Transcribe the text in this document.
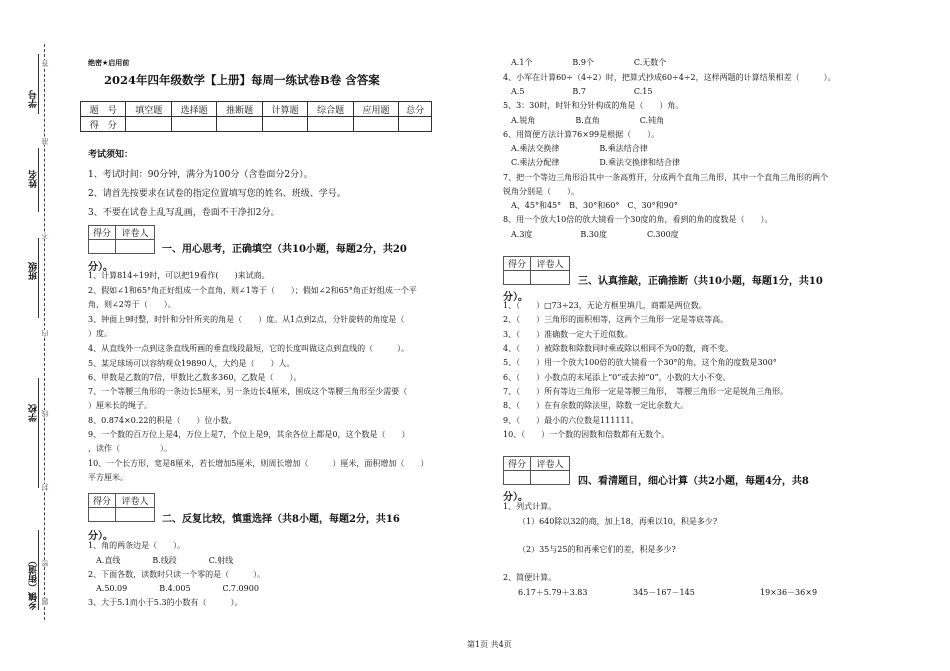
学号
姓名
班级
学校
乡镇（街道）
答
准
不
内
线
封
密
题
绝密★启用前
2024年四年级数学【上册】每周一练试卷B卷 含答案
题　号	填空题	选择题	推断题	计算题	综合题	应用题	总分
得　分							
考试须知：
1、考试时间：90分钟，满分为100分（含卷面分2分）。
2、请首先按要求在试卷的指定位置填写您的姓名、班级、学号。
3、不要在试卷上乱写乱画，卷面不干净扣2分。
得分	评卷人

一、用心思考，正确填空（共10小题，每题2分，共20
分）。
1、计算814÷19时，可以把19看作(　　)来试商。
2、假如∠1和65°角正好组成一个直角，则∠1等于（　　）；假如∠2和65°角正好组成一个平
角，则∠2等于（　　）。
3、钟面上9时整，时针和分针所夹的角是（　　）度。从1点到2点，分针旋转的角度是（
）度。
4、从直线外一点到这条直线所画的垂直线段最短，它的长度叫做这点到直线的（　　　）。
5、某足球场可以容纳观众19890人，大约是（　　）人。
6、甲数是乙数的7倍，甲数比乙数多360，乙数是（　　）。
7、一个等腰三角形的一条边长5厘米，另一条边长4厘米，围成这个等腰三角形至少需要（
）厘米长的绳子。
8、0.874×0.22的积是（　　）位小数。
9、一个数的百万位上是4，万位上是7，个位上是9，其余各位上都是0，这个数是（　　）
，读作（　　　　　）。
10、一个长方形，宽是8厘米，若长增加5厘米，则周长增加（　　　）厘米，面积增加（　　）
平方厘米。
得分	评卷人

二、反复比较，慎重选择（共8小题，每题2分，共16
分）。
1、角的两条边是（　　）。
　A.直线　　　　B.线段　　　　C.射线
2、下面各数，读数时只读一个零的是（　　　）。
　A.50.09　　　　B.4.005　　　　C.7.0900
3、大于5.1而小于5.3的小数有（　　　）。
　A.1个　　　　　B.9个　　　　　C.无数个
4、小军在计算60÷（4÷2）时，把算式抄成60÷4÷2，这样两题的计算结果相差（　　　）。
　A.5　　　　　　B.7　　　　　　C.15
5、3：30时，时针和分针构成的角是（　　）角。
　A.锐角　　　　　B.直角　　　　　C.钝角
6、用简便方法计算76×99是根据（　　）。
　A.乘法交换律　　　　　B.乘法结合律
　C.乘法分配律　　　　　D.乘法交换律和结合律
7、把一个等边三角形沿其中一条高剪开，分成两个直角三角形，其中一个直角三角形的两个
锐角分别是（　　）。
　A、45°和45°　B、30°和60°　C、30°和90°
8、用一个放大10倍的放大镜看一个30度的角，看到的角的度数是（　　）。
　A.3度　　　　　　B.30度　　　　　C.300度
得分	评卷人

三、认真推敲，正确推断（共10小题，每题1分，共10
分）。
1、（　　）□73÷23，无论方框里填几，商都是两位数。
2、（　　）三角形的面积相等，这两个三角形一定是等底等高。
3、（　　）准确数一定大于近似数。
4、（　　）被除数和除数同时乘或除以相同不为0的数，商不变。
5、（　　）用一个放大100倍的放大镜看一个30°的角，这个角的度数是300°
6、（　　）小数点的末尾添上“0”或去掉“0”，小数的大小不变。
7、（　　）所有等边三角形一定是等腰三角形，　等腰三角形一定是锐角三角形。
8、（　　）在有余数的除法里，除数一定比余数大。
9、（　　）最小的六位数是111111。
10、（　　）一个数的因数和倍数都有无数个。
得分	评卷人

四、看清题目，细心计算（共2小题，每题4分，共8
分）。
1、列式计算。
（1）640除以32的商，加上18，再乘以10，积是多少?
（2）35与25的和再乘它们的差，积是多少?
2、简便计算。
6.17＋5.79＋3.83	345－167－145	19×36－36×9
第1页 共4页
